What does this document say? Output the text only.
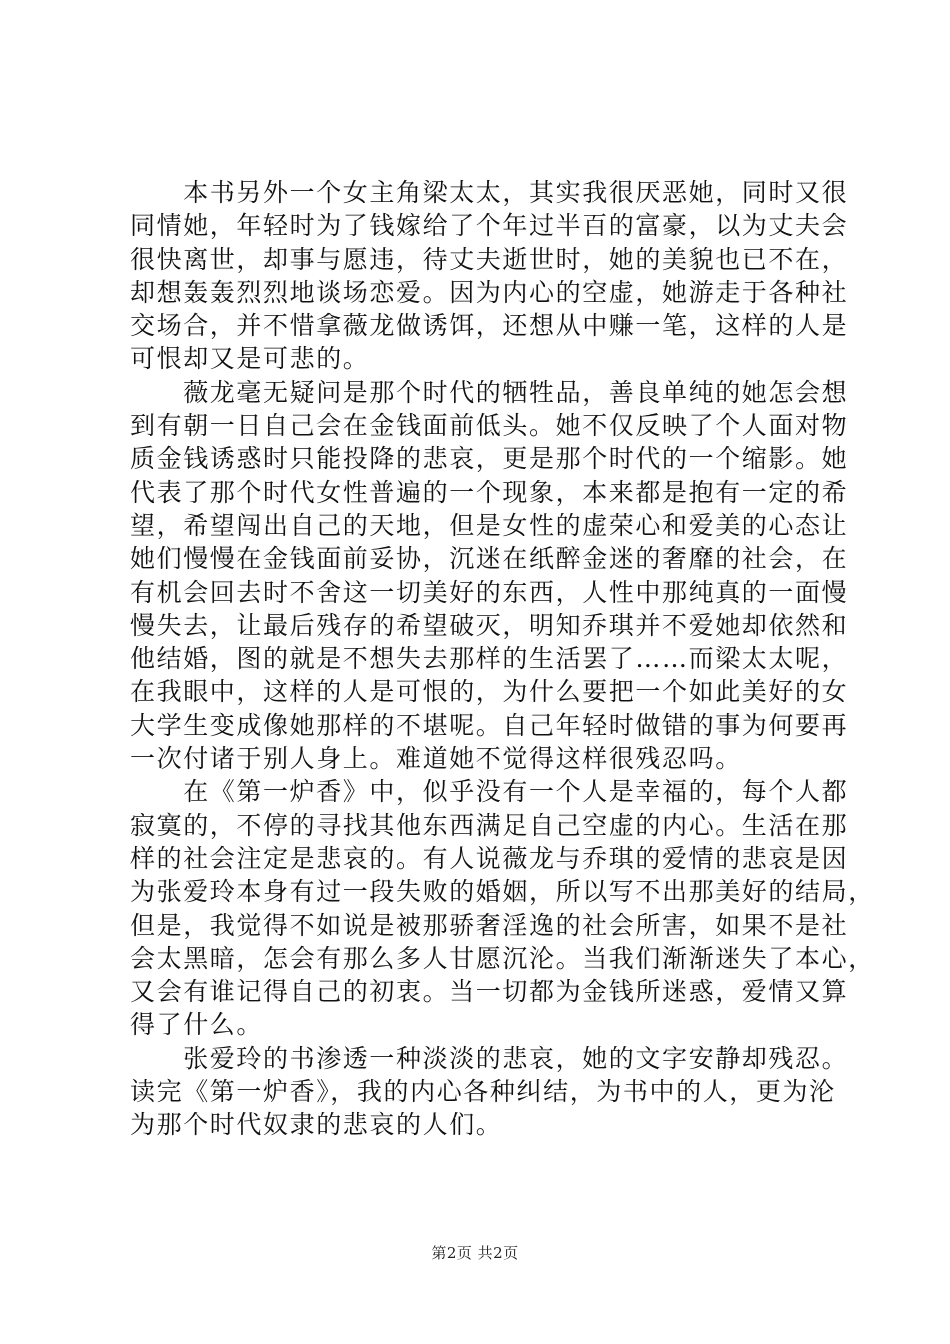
　　本书另外一个女主角梁太太，其实我很厌恶她，同时又很
同情她，年轻时为了钱嫁给了个年过半百的富豪，以为丈夫会
很快离世，却事与愿违，待丈夫逝世时，她的美貌也已不在，
却想轰轰烈烈地谈场恋爱。因为内心的空虚，她游走于各种社
交场合，并不惜拿薇龙做诱饵，还想从中赚一笔，这样的人是
可恨却又是可悲的。
　　薇龙毫无疑问是那个时代的牺牲品，善良单纯的她怎会想
到有朝一日自己会在金钱面前低头。她不仅反映了个人面对物
质金钱诱惑时只能投降的悲哀，更是那个时代的一个缩影。她
代表了那个时代女性普遍的一个现象，本来都是抱有一定的希
望，希望闯出自己的天地，但是女性的虚荣心和爱美的心态让
她们慢慢在金钱面前妥协，沉迷在纸醉金迷的奢靡的社会，在
有机会回去时不舍这一切美好的东西，人性中那纯真的一面慢
慢失去，让最后残存的希望破灭，明知乔琪并不爱她却依然和
他结婚，图的就是不想失去那样的生活罢了……而梁太太呢，
在我眼中，这样的人是可恨的，为什么要把一个如此美好的女
大学生变成像她那样的不堪呢。自己年轻时做错的事为何要再
一次付诸于别人身上。难道她不觉得这样很残忍吗。
　　在《第一炉香》中，似乎没有一个人是幸福的，每个人都
寂寞的，不停的寻找其他东西满足自己空虚的内心。生活在那
样的社会注定是悲哀的。有人说薇龙与乔琪的爱情的悲哀是因
为张爱玲本身有过一段失败的婚姻，所以写不出那美好的结局，
但是，我觉得不如说是被那骄奢淫逸的社会所害，如果不是社
会太黑暗，怎会有那么多人甘愿沉沦。当我们渐渐迷失了本心，
又会有谁记得自己的初衷。当一切都为金钱所迷惑，爱情又算
得了什么。
　　张爱玲的书渗透一种淡淡的悲哀，她的文字安静却残忍。
读完《第一炉香》，我的内心各种纠结，为书中的人，更为沦
为那个时代奴隶的悲哀的人们。
第2页 共2页
